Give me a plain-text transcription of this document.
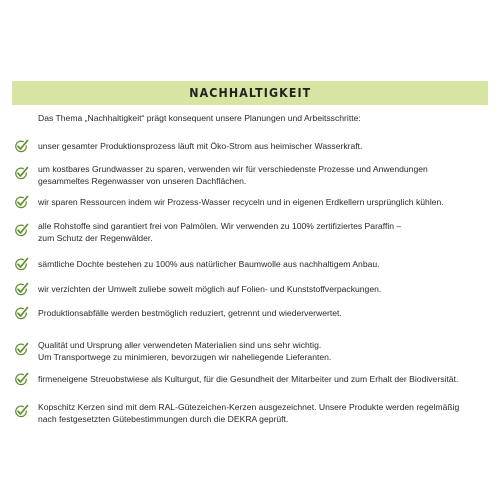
NACHHALTIGKEIT
Das Thema „Nachhaltigkeit“ prägt konsequent unsere Planungen und Arbeitsschritte:
unser gesamter Produktionsprozess läuft mit Öko-Strom aus heimischer Wasserkraft.
um kostbares Grundwasser zu sparen, verwenden wir für verschiedenste Prozesse und Anwendungen
gesammeltes Regenwasser von unseren Dachflächen.
wir sparen Ressourcen indem wir Prozess-Wasser recyceln und in eigenen Erdkellern ursprünglich kühlen.
alle Rohstoffe sind garantiert frei von Palmölen. Wir verwenden zu 100% zertifiziertes Paraffin –
zum Schutz der Regenwälder.
sämtliche Dochte bestehen zu 100% aus natürlicher Baumwolle aus nachhaltigem Anbau.
wir verzichten der Umwelt zuliebe soweit möglich auf Folien- und Kunststoffverpackungen.
Produktionsabfälle werden bestmöglich reduziert, getrennt und wiederverwertet.
Qualität und Ursprung aller verwendeten Materialien sind uns sehr wichtig.
Um Transportwege zu minimieren, bevorzugen wir naheliegende Lieferanten.
firmeneigene Streuobstwiese als Kulturgut, für die Gesundheit der Mitarbeiter und zum Erhalt der Biodiversität.
Kopschitz Kerzen sind mit dem RAL-Gütezeichen-Kerzen ausgezeichnet. Unsere Produkte werden regelmäßig
nach festgesetzten Gütebestimmungen durch die DEKRA geprüft.
